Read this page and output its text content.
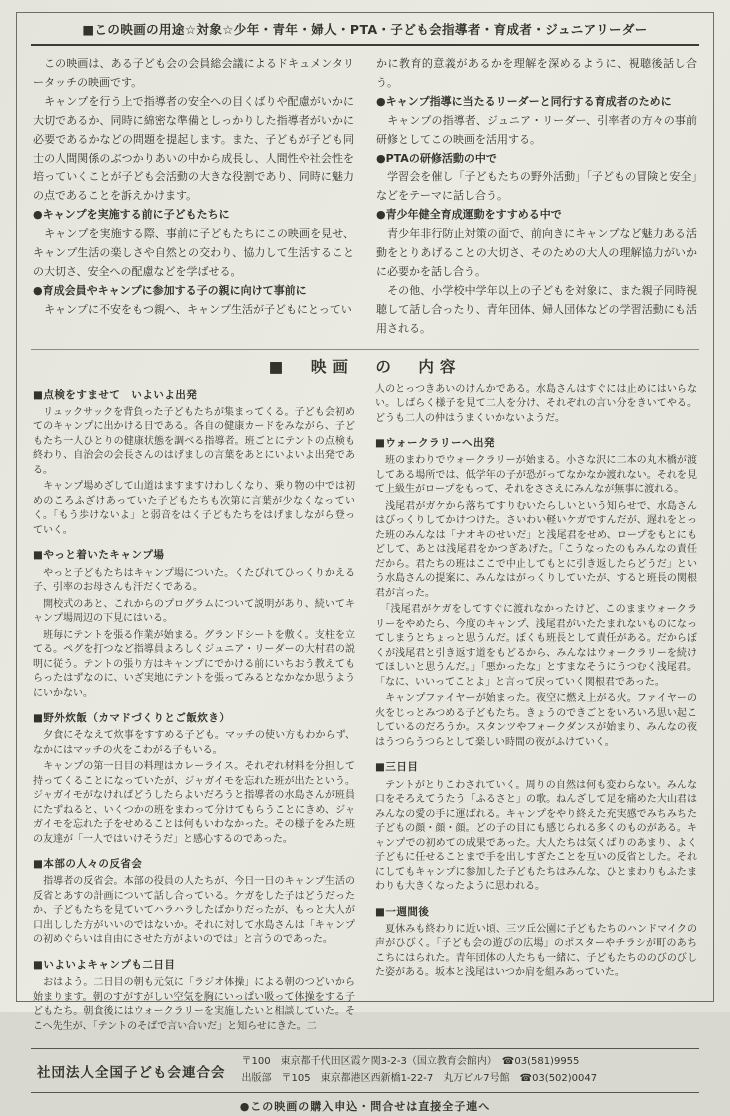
■この映画の用途☆対象☆少年・青年・婦人・PTA・子ども会指導者・育成者・ジュニアリーダー

　この映画は、ある子ども会の会員総会議によるドキュメンタリータッチの映画です。

　キャンプを行う上で指導者の安全への目くばりや配慮がいかに大切であるか、同時に綿密な準備としっかりした指導者がいかに必要であるかなどの問題を提起します。また、子どもが子ども同士の人間関係のぶつかりあいの中から成長し、人間性や社会性を培っていくことが子ども会活動の大きな役割であり、同時に魅力の点であることを訴えかけます。

●キャンプを実施する前に子どもたちに

　キャンプを実施する際、事前に子どもたちにこの映画を見せ、キャンプ生活の楽しさや自然との交わり、協力して生活することの大切さ、安全への配慮などを学ばせる。

●育成会員やキャンプに参加する子の親に向けて事前に

　キャンプに不安をもつ親へ、キャンプ生活が子どもにとってい

かに教育的意義があるかを理解を深めるように、視聴後話し合う。

●キャンプ指導に当たるリーダーと同行する育成者のために

　キャンプの指導者、ジュニア・リーダー、引率者の方々の事前研修としてこの映画を活用する。

●PTAの研修活動の中で

　学習会を催し「子どもたちの野外活動」「子どもの冒険と安全」などをテーマに話し合う。

●青少年健全育成運動をすすめる中で

　青少年非行防止対策の面で、前向きにキャンプなど魅力ある活動をとりあげることの大切さ、そのための大人の理解協力がいかに必要かを話し合う。

　その他、小学校中学年以上の子どもを対象に、また親子同時視聴して話し合ったり、青年団体、婦人団体などの学習活動にも活用される。

■　映画　の　内容
■点検をすませて　いよいよ出発

　リュックサックを背負った子どもたちが集まってくる。子ども会初めてのキャンプに出かける日である。各自の健康カードをみながら、子どもたち一人ひとりの健康状態を調べる指導者。班ごとにテントの点検も終わり、自治会の会長さんのはげましの言葉をあとにいよいよ出発である。

　キャンプ場めざして山道はますますけわしくなり、乗り物の中では初めのころふざけあっていた子どもたちも次第に言葉が少なくなっていく。「もう歩けないよ」と弱音をはく子どもたちをはげましながら登っていく。

■やっと着いたキャンプ場

　やっと子どもたちはキャンプ場についた。くたびれてひっくりかえる子、引率のお母さんも汗だくである。

　開校式のあと、これからのプログラムについて説明があり、続いてキャンプ場周辺の下見にはいる。

　班毎にテントを張る作業が始まる。グランドシートを敷く。支柱を立てる。ペグを打つなど指導員よろしくジュニア・リーダーの大村君の説明に従う。テントの張り方はキャンプにでかける前にいちおう教えてもらったはずなのに、いざ実地にテントを張ってみるとなかなか思うようにいかない。

■野外炊飯（カマドづくりとご飯炊き）

　夕食にそなえて炊事をすすめる子ども。マッチの使い方もわからず、なかにはマッチの火をこわがる子もいる。

　キャンプの第一日目の料理はカレーライス。それぞれ材料を分担して持ってくることになっていたが、ジャガイモを忘れた班が出たという。ジャガイモがなければどうしたらよいだろうと指導者の水島さんが班員にたずねると、いくつかの班をまわって分けてもらうことにきめ、ジャガイモを忘れた子をせめることは何もいわなかった。その様子をみた班の友達が「一人ではいけそうだ」と感心するのであった。

■本部の人々の反省会

　指導者の反省会。本部の役員の人たちが、今日一日のキャンプ生活の反省とあすの計画について話し合っている。ケガをした子はどうだったか、子どもたちを見ていてハラハラしたばかりだったが、もっと大人が口出しした方がいいのではないか。それに対して水島さんは「キャンプの初めぐらいは自由にさせた方がよいのでは」と言うのであった。

■いよいよキャンプも二日目

　おはよう。二日目の朝も元気に「ラジオ体操」による朝のつどいから始まります。朝のすがすがしい空気を胸にいっぱい吸って体操をする子どもたち。朝食後にはウォークラリーを実施したいと相談していた。そこへ先生が、「テントのそばで言い合いだ」と知らせにきた。二

人のとっつきあいのけんかである。水島さんはすぐには止めにはいらない。しばらく様子を見て二人を分け、それぞれの言い分をきいてやる。どうも二人の仲はうまくいかないようだ。

■ウォークラリーへ出発

　班のまわりでウォークラリーが始まる。小さな沢に二本の丸木橋が渡してある場所では、低学年の子が恐がってなかなか渡れない。それを見て上級生がロープをもって、それをささえにみんなが無事に渡れる。

　浅尾君がガケから落ちてすりむいたらしいという知らせで、水島さんはびっくりしてかけつけた。さいわい軽いケガですんだが、遅れをとった班のみんなは「ナオキのせいだ」と浅尾君をせめ、ロープをもとにもどして、あとは浅尾君をかつぎあげた。「こうなったのもみんなの責任だから。君たちの班はここで中止してもとに引き返したらどうだ」という水島さんの提案に、みんなはがっくりしていたが、すると班長の関根君が言った。

　「浅尾君がケガをしてすぐに渡れなかったけど、このままウォークラリーをやめたら、今度のキャンプ、浅尾君がいたたまれないものになってしまうとちょっと思うんだ。ぼくも班長として責任がある。だからぼくが浅尾君と引き返す道をもどるから、みんなはウォークラリーを続けてほしいと思うんだ。」「悪かったな」とすまなそうにうつむく浅尾君。「なに、いいってことよ」と言って戻っていく関根君であった。

　キャンプファイヤーが始まった。夜空に燃え上がる火。ファイヤーの火をじっとみつめる子どもたち。きょうのできごとをいろいろ思い起こしているのだろうか。スタンツやフォークダンスが始まり、みんなの夜はうつらうつらとして楽しい時間の夜がふけていく。

■三日目

　テントがとりこわされていく。周りの自然は何も変わらない。みんな口をそろえてうたう「ふるさと」の歌。ねんざして足を痛めた大山君はみんなの愛の手に運ばれる。キャンプをやり終えた充実感でみちみちた子どもの顔・顔・顔。どの子の目にも感じられる多くのものがある。キャンプでの初めての成果であった。大人たちは気くばりのあまり、よく子どもに任せることまで手を出しすぎたことを互いの反省とした。それにしてもキャンプに参加した子どもたちはみんな、ひとまわりもふたまわりも大きくなったように思われる。

■一週間後

　夏休みも終わりに近い頃、三ツ丘公園に子どもたちのハンドマイクの声がひびく。「子ども会の遊びの広場」のポスターやチラシが町のあちこちにはられた。青年団体の人たちも一緒に、子どもたちののびのびした姿がある。坂本と浅尾はいつか肩を組みあっていた。

社団法人全国子ども会連合会
〒100　東京都千代田区霞ケ関3-2-3（国立教育会館内）　☎03(581)9955
出版部　〒105　東京都港区西新橋1-22-7　丸万ビル7号館　☎03(502)0047
●この映画の購入申込・問合せは直接全子連へ
